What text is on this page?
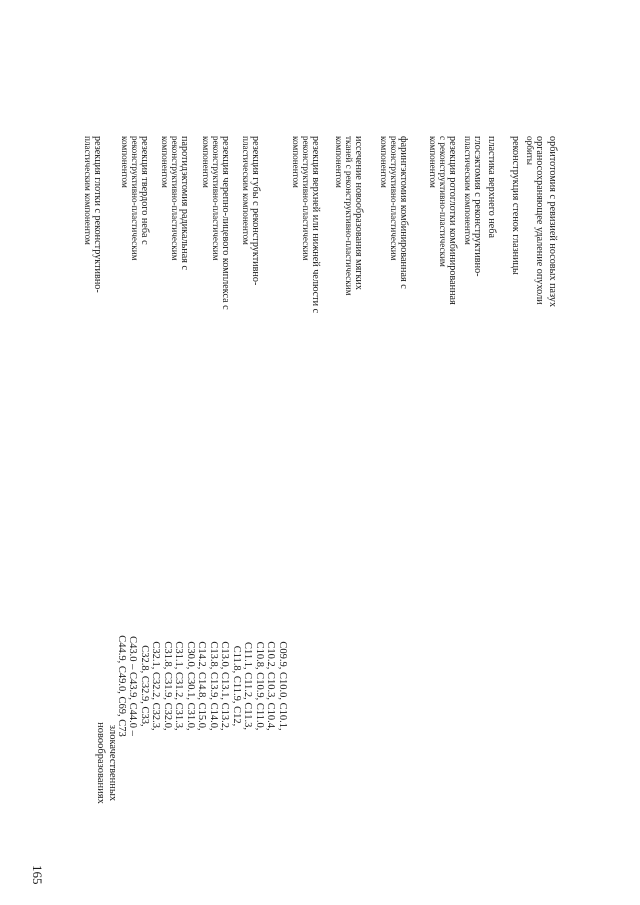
165
злокачественных
новообразованиях
C09.9, C10.0, C10.1,
C10.2, C10.3, C10.4,
C10.8, C10.9, C11.0,
C11.1, C11.2, C11.3,
C11.8, C11.9, C12,
C13.0, C13.1, C13.2,
C13.8, C13.9, C14.0,
C14.2, C14.8, C15.0,
C30.0, C30.1, C31.0,
C31.1, C31.2, C31.3,
C31.8, C31.9, C32.0,
C32.1, C32.2, C32.3,
C32.8, C32.9, C33,
C43.0 – C43.9, C44.0 –
C44.9, C49.0, C69, C73
орбитотомия с ревизией носовых пазух
органосохраняющее удаление опухоли
орбиты
реконструкция стенок глазницы
пластика верхнего неба
глосэктомия с реконструктивно-
пластическим компонентом
резекция ротоглотки комбинированная
с реконструктивно-пластическим
компонентом
фарингэктомия комбинированная с
реконструктивно-пластическим
компонентом
иссечение новообразования мягких
тканей с реконструктивно-пластическим
компонентом
резекция верхней или нижней челюсти с
реконструктивно-пластическим
компонентом
резекция губы с реконструктивно-
пластическим компонентом
резекция черепно-лицевого комплекса с
реконструктивно-пластическим
компонентом
паротидэктомия радикальная с
реконструктивно-пластическим
компонентом
резекция твердого неба с
реконструктивно-пластическим
компонентом
резекция глотки с реконструктивно-
пластическим компонентом
